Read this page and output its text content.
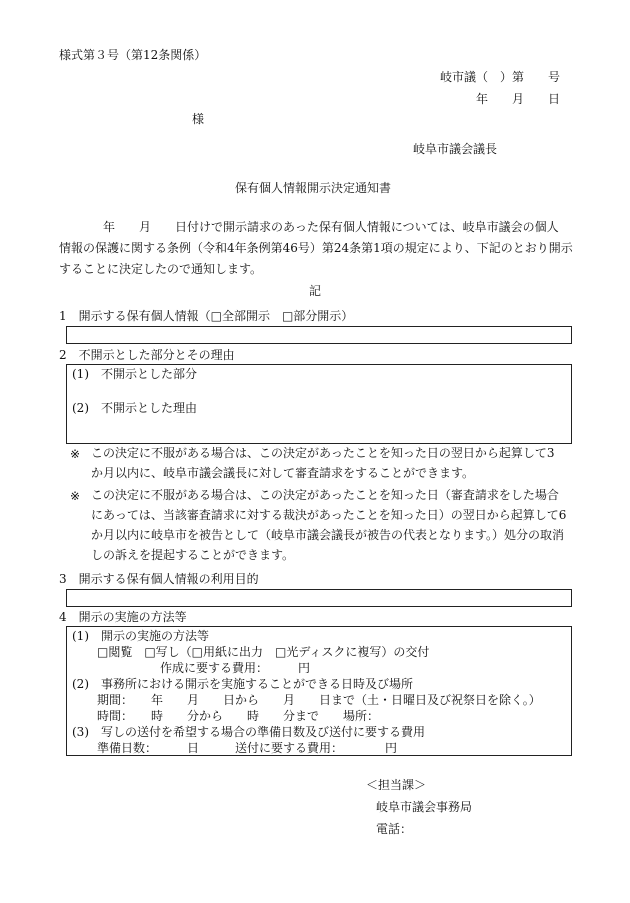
様式第３号（第12条関係）
岐市議（　）第　　号
年　　月　　日
様
岐阜市議会議長
保有個人情報開示決定通知書
年　　月　　日付けで開示請求のあった保有個人情報については、岐阜市議会の個人
情報の保護に関する条例（令和4年条例第46号）第24条第1項の規定により、下記のとおり開示
することに決定したので通知します。
記
1　開示する保有個人情報（□全部開示　□部分開示）
2　不開示とした部分とその理由
(1)　不開示とした部分
(2)　不開示とした理由
※ この決定に不服がある場合は、この決定があったことを知った日の翌日から起算して3
か月以内に、岐阜市議会議長に対して審査請求をすることができます。
※ この決定に不服がある場合は、この決定があったことを知った日（審査請求をした場合
にあっては、当該審査請求に対する裁決があったことを知った日）の翌日から起算して6
か月以内に岐阜市を被告として（岐阜市議会議長が被告の代表となります。）処分の取消
しの訴えを提起することができます。
3　開示する保有個人情報の利用目的
4　開示の実施の方法等
(1)　開示の実施の方法等
□閲覧　□写し（□用紙に出力　□光ディスクに複写）の交付
作成に要する費用：　　　円
(2)　事務所における開示を実施することができる日時及び場所
期間：　　年　　月　　日から　　月　　日まで（土・日曜日及び祝祭日を除く。）
時間：　　時　　分から　　時　　分まで　　場所：
(3)　写しの送付を希望する場合の準備日数及び送付に要する費用
準備日数：　　　日　　　送付に要する費用：　　　　円
＜担当課＞
岐阜市議会事務局
電話：
